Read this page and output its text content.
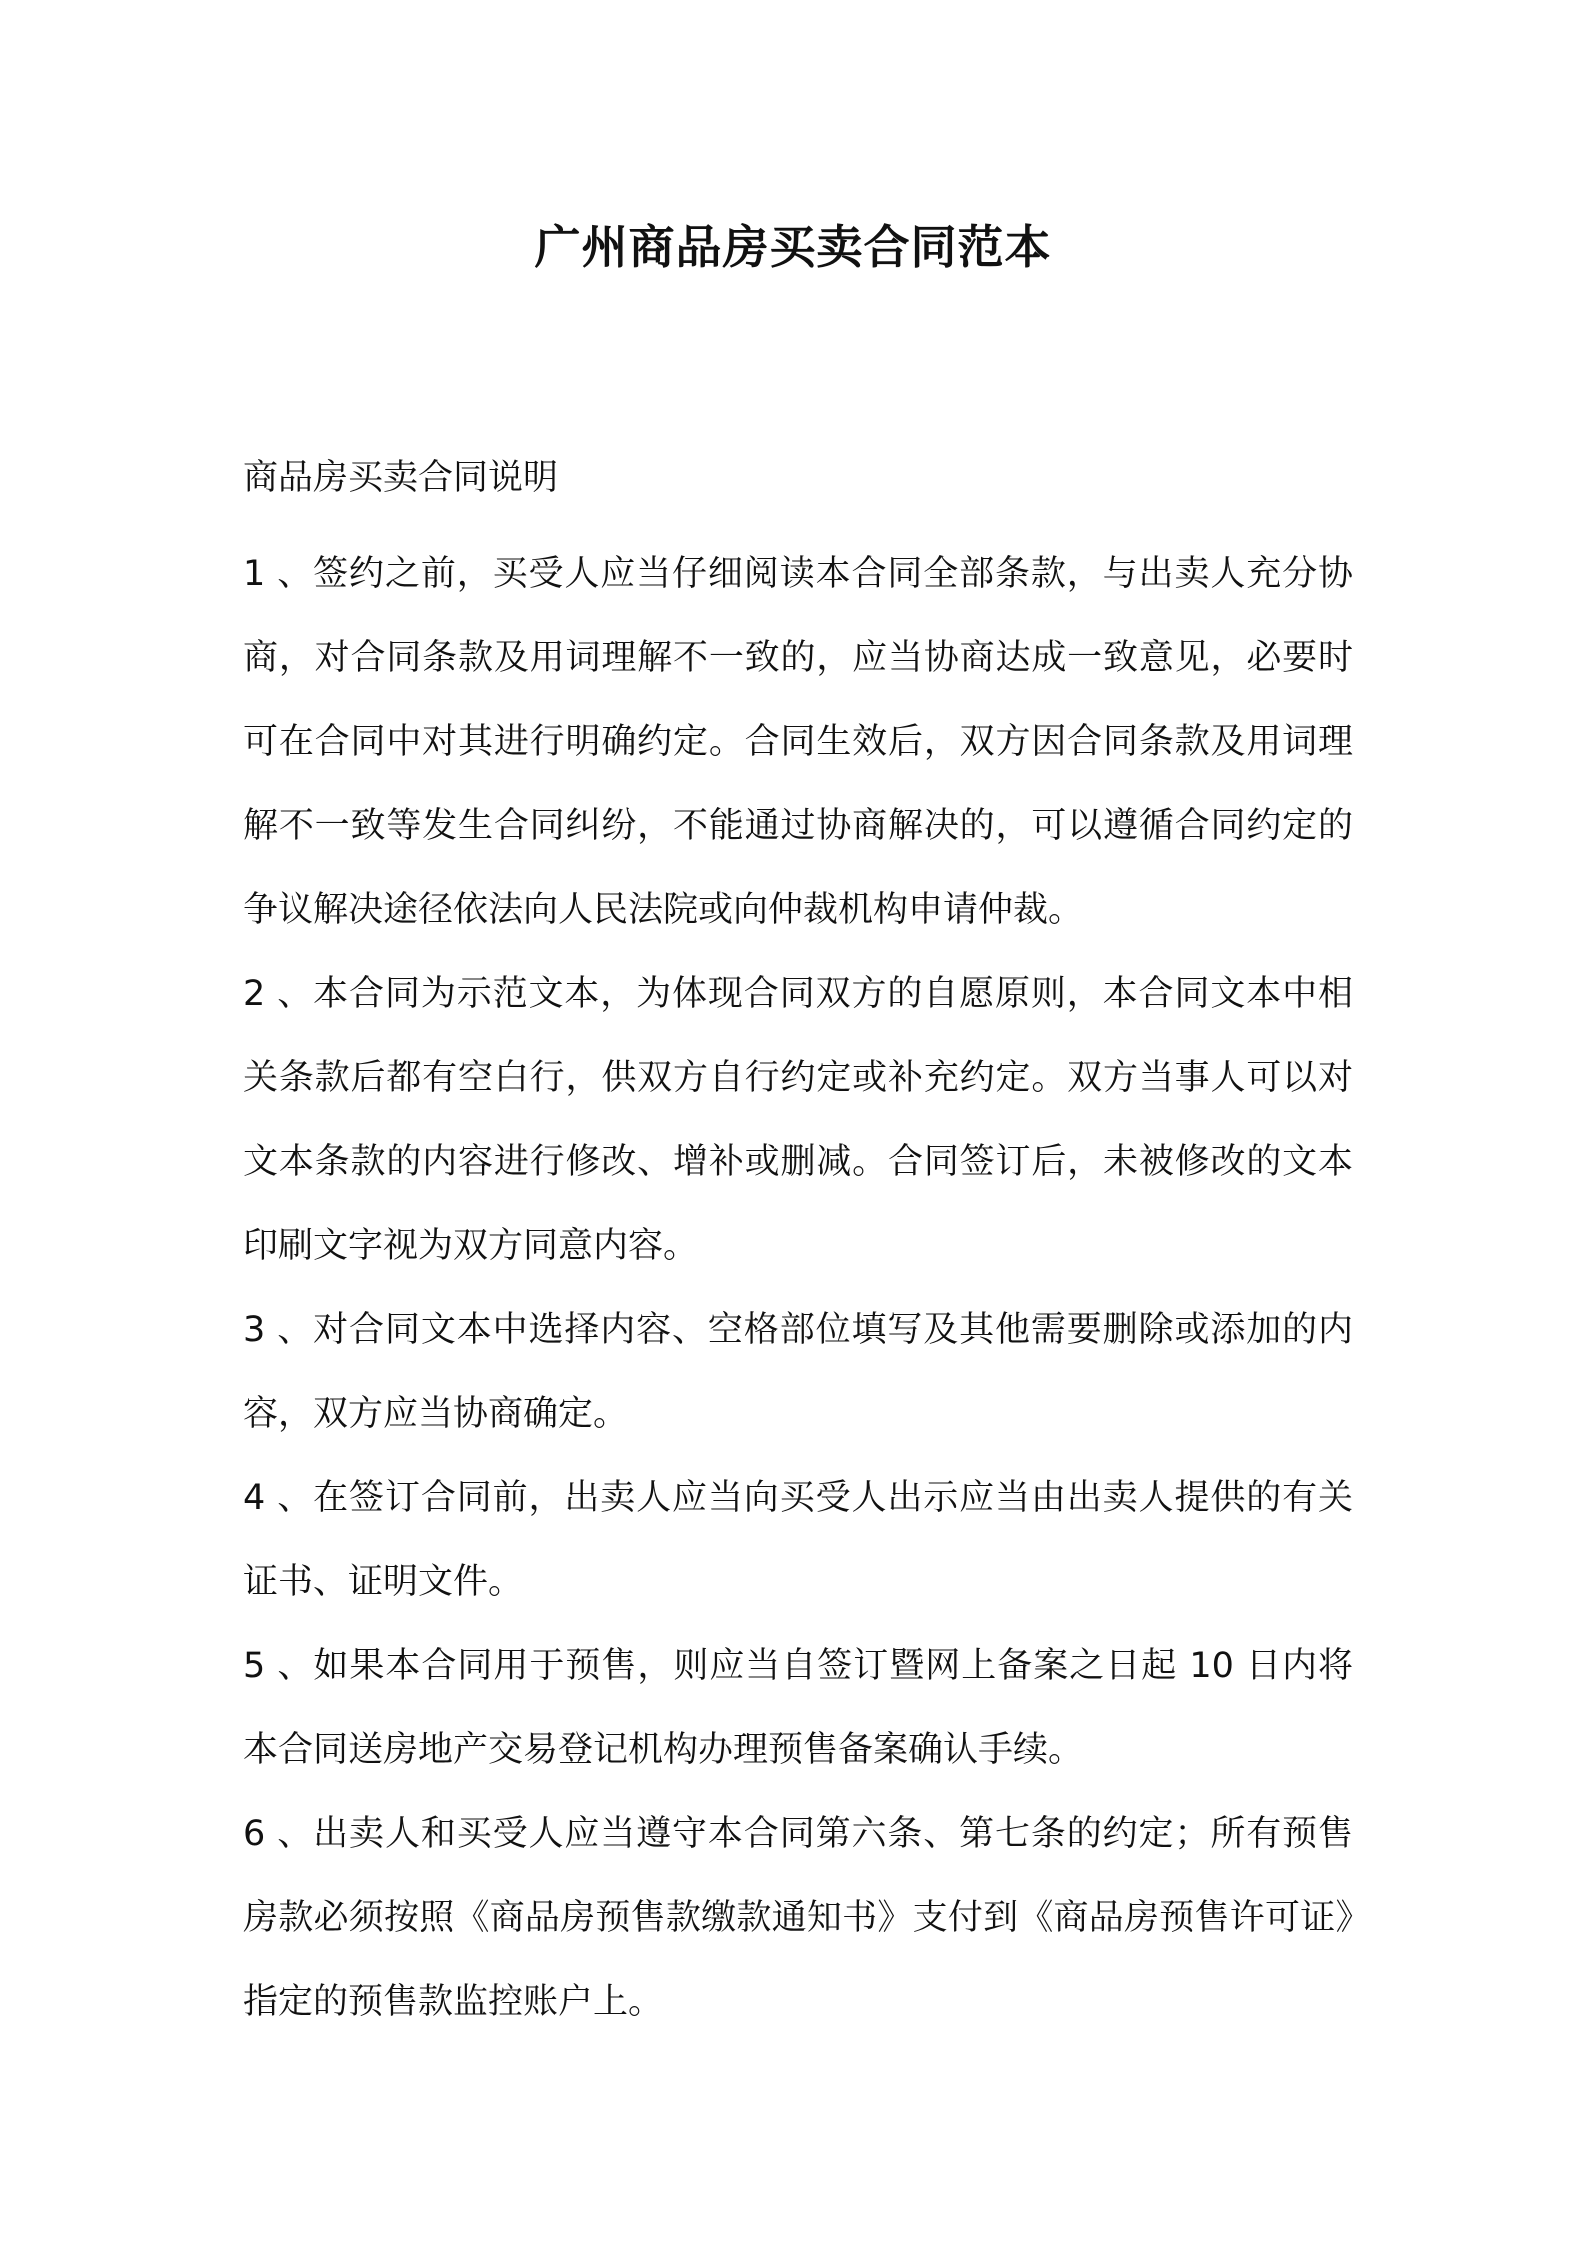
广州商品房买卖合同范本

商品房买卖合同说明

1 、签约之前，买受人应当仔细阅读本合同全部条款，与出卖人充分协商，对合同条款及用词理解不一致的，应当协商达成一致意见，必要时可在合同中对其进行明确约定。合同生效后，双方因合同条款及用词理解不一致等发生合同纠纷，不能通过协商解决的，可以遵循合同约定的争议解决途径依法向人民法院或向仲裁机构申请仲裁。
2 、本合同为示范文本，为体现合同双方的自愿原则，本合同文本中相关条款后都有空白行，供双方自行约定或补充约定。双方当事人可以对文本条款的内容进行修改、增补或删减。合同签订后，未被修改的文本印刷文字视为双方同意内容。
3 、对合同文本中选择内容、空格部位填写及其他需要删除或添加的内容，双方应当协商确定。
4 、在签订合同前，出卖人应当向买受人出示应当由出卖人提供的有关证书、证明文件。
5 、如果本合同用于预售，则应当自签订暨网上备案之日起 10 日内将本合同送房地产交易登记机构办理预售备案确认手续。
6 、出卖人和买受人应当遵守本合同第六条、第七条的约定；所有预售房款必须按照《商品房预售款缴款通知书》支付到《商品房预售许可证》指定的预售款监控账户上。
